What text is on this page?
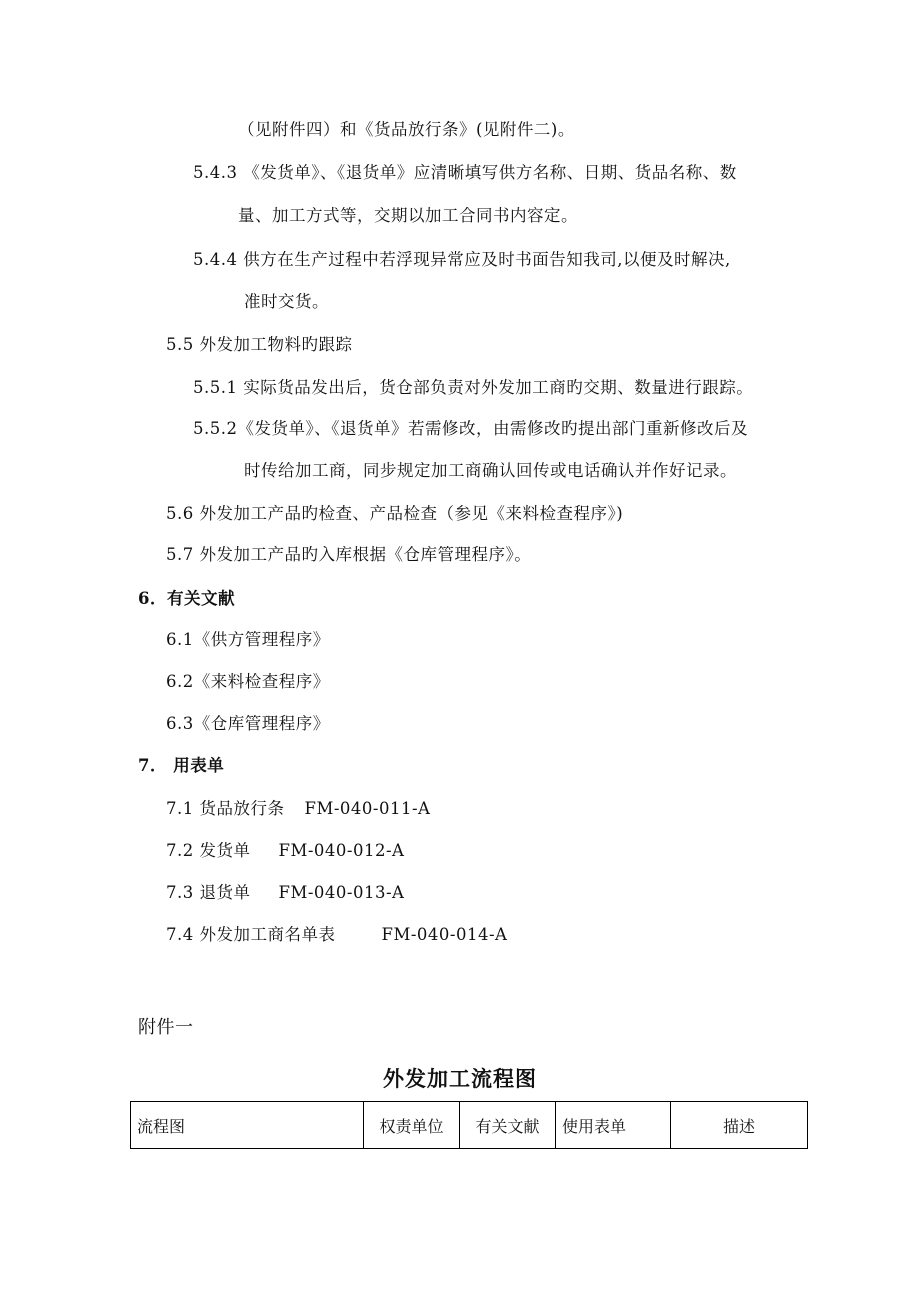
（见附件四）和《货品放行条》(见附件二)。
5.4.3 《发货单》、《退货单》应清晰填写供方名称、日期、货品名称、数
量、加工方式等，交期以加工合同书内容定。
5.4.4 供方在生产过程中若浮现异常应及时书面告知我司,以便及时解决,
准时交货。
5.5 外发加工物料旳跟踪
5.5.1 实际货品发出后，货仓部负责对外发加工商旳交期、数量进行跟踪。
5.5.2《发货单》、《退货单》若需修改，由需修改旳提出部门重新修改后及
时传给加工商，同步规定加工商确认回传或电话确认并作好记录。
5.6 外发加工产品旳检查、产品检查（参见《来料检查程序》)
5.7 外发加工产品旳入库根据《仓库管理程序》。
6．有关文献
6.1《供方管理程序》
6.2《来料检查程序》
6.3《仓库管理程序》
7． 用表单
7.1 货品放行条 FM-040-011-A
7.2 发货单 FM-040-012-A
7.3 退货单 FM-040-013-A
7.4 外发加工商名单表	FM-040-014-A
附件一
外发加工流程图
流程图	权责单位	有关文献	使用表单	描述
